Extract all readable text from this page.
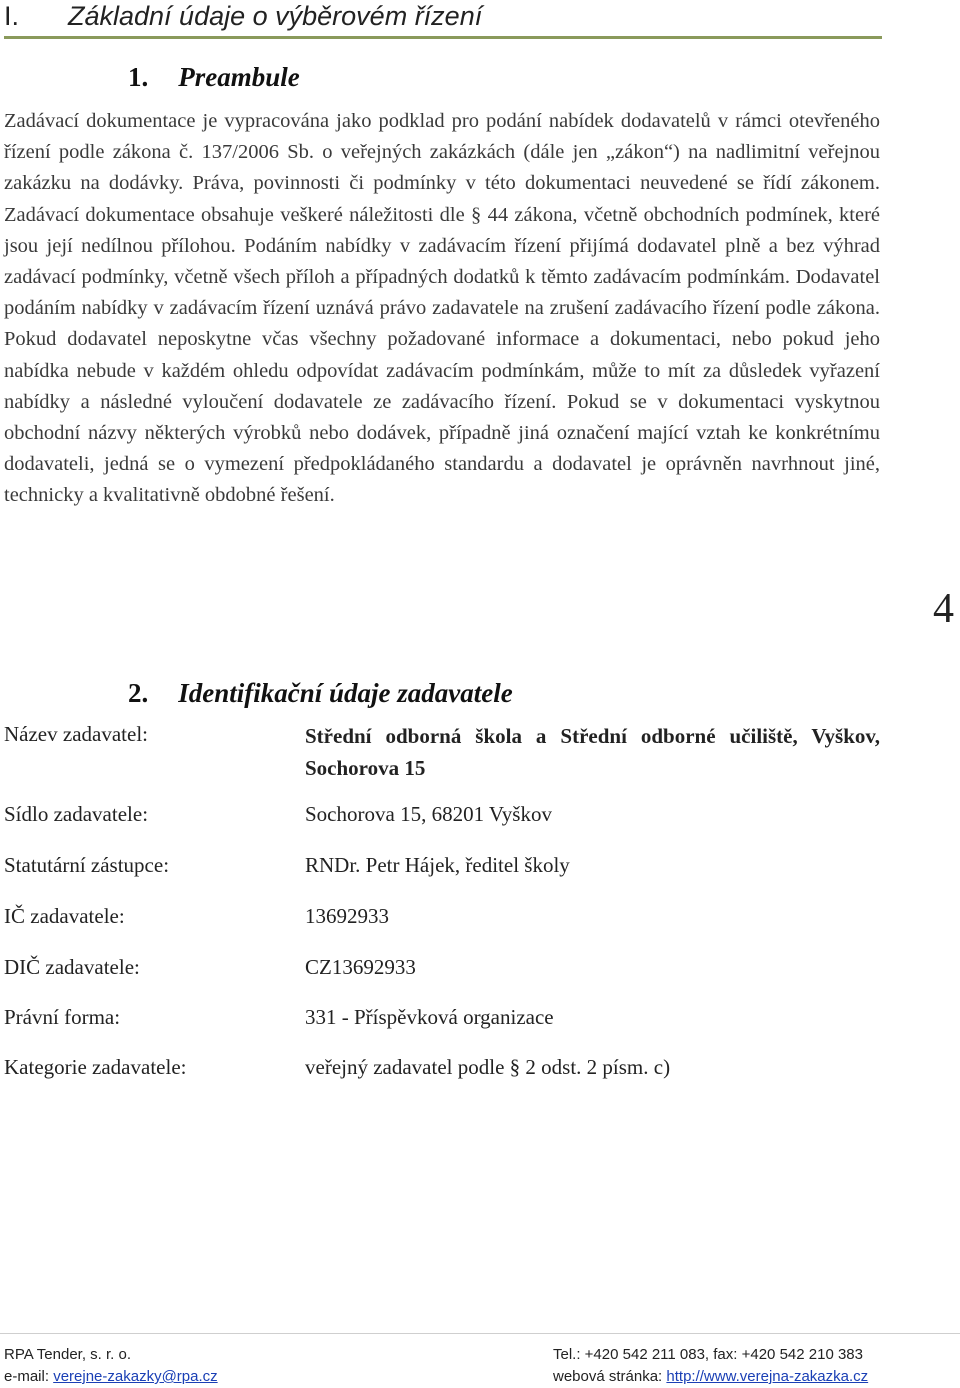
I. Základní údaje o výběrovém řízení
1. Preambule

Zadávací dokumentace je vypracována jako podklad pro podání nabídek dodavatelů v rámci otevřeného řízení podle zákona č. 137/2006 Sb. o veřejných zakázkách (dále jen „zákon“) na nadlimitní veřejnou zakázku na dodávky. Práva, povinnosti či podmínky v této dokumentaci neuvedené se řídí zákonem. Zadávací dokumentace obsahuje veškeré náležitosti dle § 44 zákona, včetně obchodních podmínek, které jsou její nedílnou přílohou. Podáním nabídky v zadávacím řízení přijímá dodavatel plně a bez výhrad zadávací podmínky, včetně všech příloh a případných dodatků k těmto zadávacím podmínkám. Dodavatel podáním nabídky v zadávacím řízení uznává právo zadavatele na zrušení zadávacího řízení podle zákona. Pokud dodavatel neposkytne včas všechny požadované informace a dokumentaci, nebo pokud jeho nabídka nebude v každém ohledu odpovídat zadávacím podmínkám, může to mít za důsledek vyřazení nabídky a následné vyloučení dodavatele ze zadávacího řízení. Pokud se v dokumentaci vyskytnou obchodní názvy některých výrobků nebo dodávek, případně jiná označení mající vztah ke konkrétnímu dodavateli, jedná se o vymezení předpokládaného standardu a dodavatel je oprávněn navrhnout jiné, technicky a kvalitativně obdobné řešení.

4
2. Identifikační údaje zadavatele
Název zadavatel:	Střední odborná škola a Střední odborné učiliště, Vyškov, Sochorova 15
Sídlo zadavatele:	Sochorova 15, 68201 Vyškov
Statutární zástupce:	RNDr. Petr Hájek, ředitel školy
IČ zadavatele:	13692933
DIČ zadavatele:	CZ13692933
Právní forma:	331 - Příspěvková organizace
Kategorie zadavatele:	veřejný zadavatel podle § 2 odst. 2 písm. c)
RPA Tender, s. r. o.
e-mail: verejne-zakazky@rpa.cz
Tel.: +420 542 211 083, fax: +420 542 210 383
webová stránka: http://www.verejna-zakazka.cz
